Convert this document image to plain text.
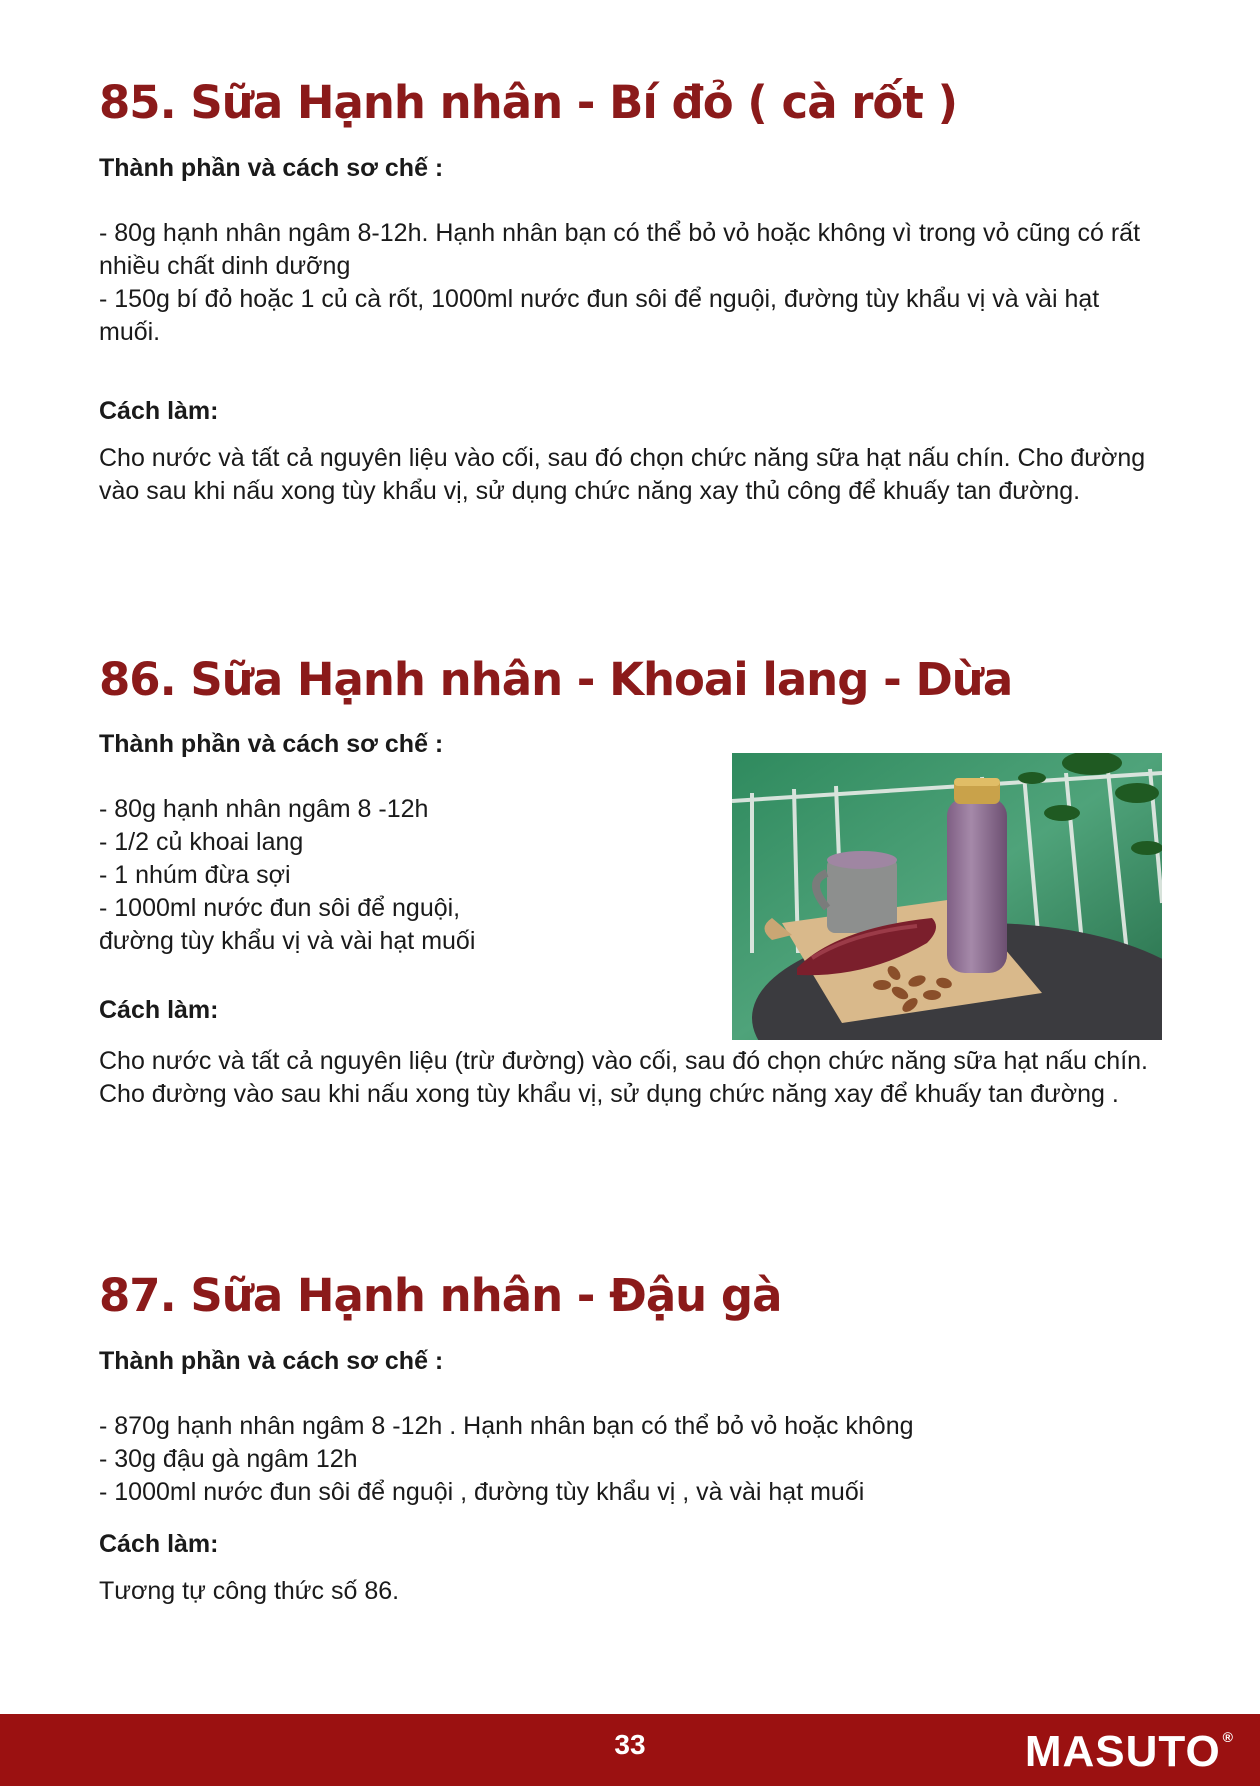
85. Sữa Hạnh nhân - Bí đỏ ( cà rốt )
Thành phần và cách sơ chế :
- 80g hạnh nhân ngâm 8-12h. Hạnh nhân bạn có thể bỏ vỏ hoặc không vì trong vỏ cũng có rất nhiều chất dinh dưỡng
- 150g bí đỏ hoặc 1 củ cà rốt, 1000ml nước đun sôi để nguội, đường tùy khẩu vị và vài hạt muối.
Cách làm:
Cho nước và tất cả nguyên liệu vào cối, sau đó chọn chức năng sữa hạt nấu chín. Cho đường vào sau khi nấu xong tùy khẩu vị, sử dụng chức năng xay thủ công để khuấy tan đường.
86. Sữa Hạnh nhân - Khoai lang - Dừa
Thành phần và cách sơ chế :
- 80g hạnh nhân ngâm 8 -12h
- 1/2 củ khoai lang
- 1 nhúm đừa sợi
- 1000ml nước đun sôi để nguội,
đường tùy khẩu vị và vài hạt muối
Cách làm:
Cho nước và tất cả nguyên liệu (trừ đường) vào cối, sau đó chọn chức năng sữa hạt nấu chín. Cho đường vào sau khi nấu xong tùy khẩu vị, sử dụng chức năng xay để khuấy tan đường .
87. Sữa Hạnh nhân - Đậu gà
Thành phần và cách sơ chế :
- 870g hạnh nhân ngâm 8 -12h . Hạnh nhân bạn có thể bỏ vỏ hoặc không
- 30g đậu gà ngâm 12h
- 1000ml nước đun sôi để nguội , đường tùy khẩu vị , và vài hạt muối
Cách làm:
Tương tự công thức số 86.
33	MASUTO ®
